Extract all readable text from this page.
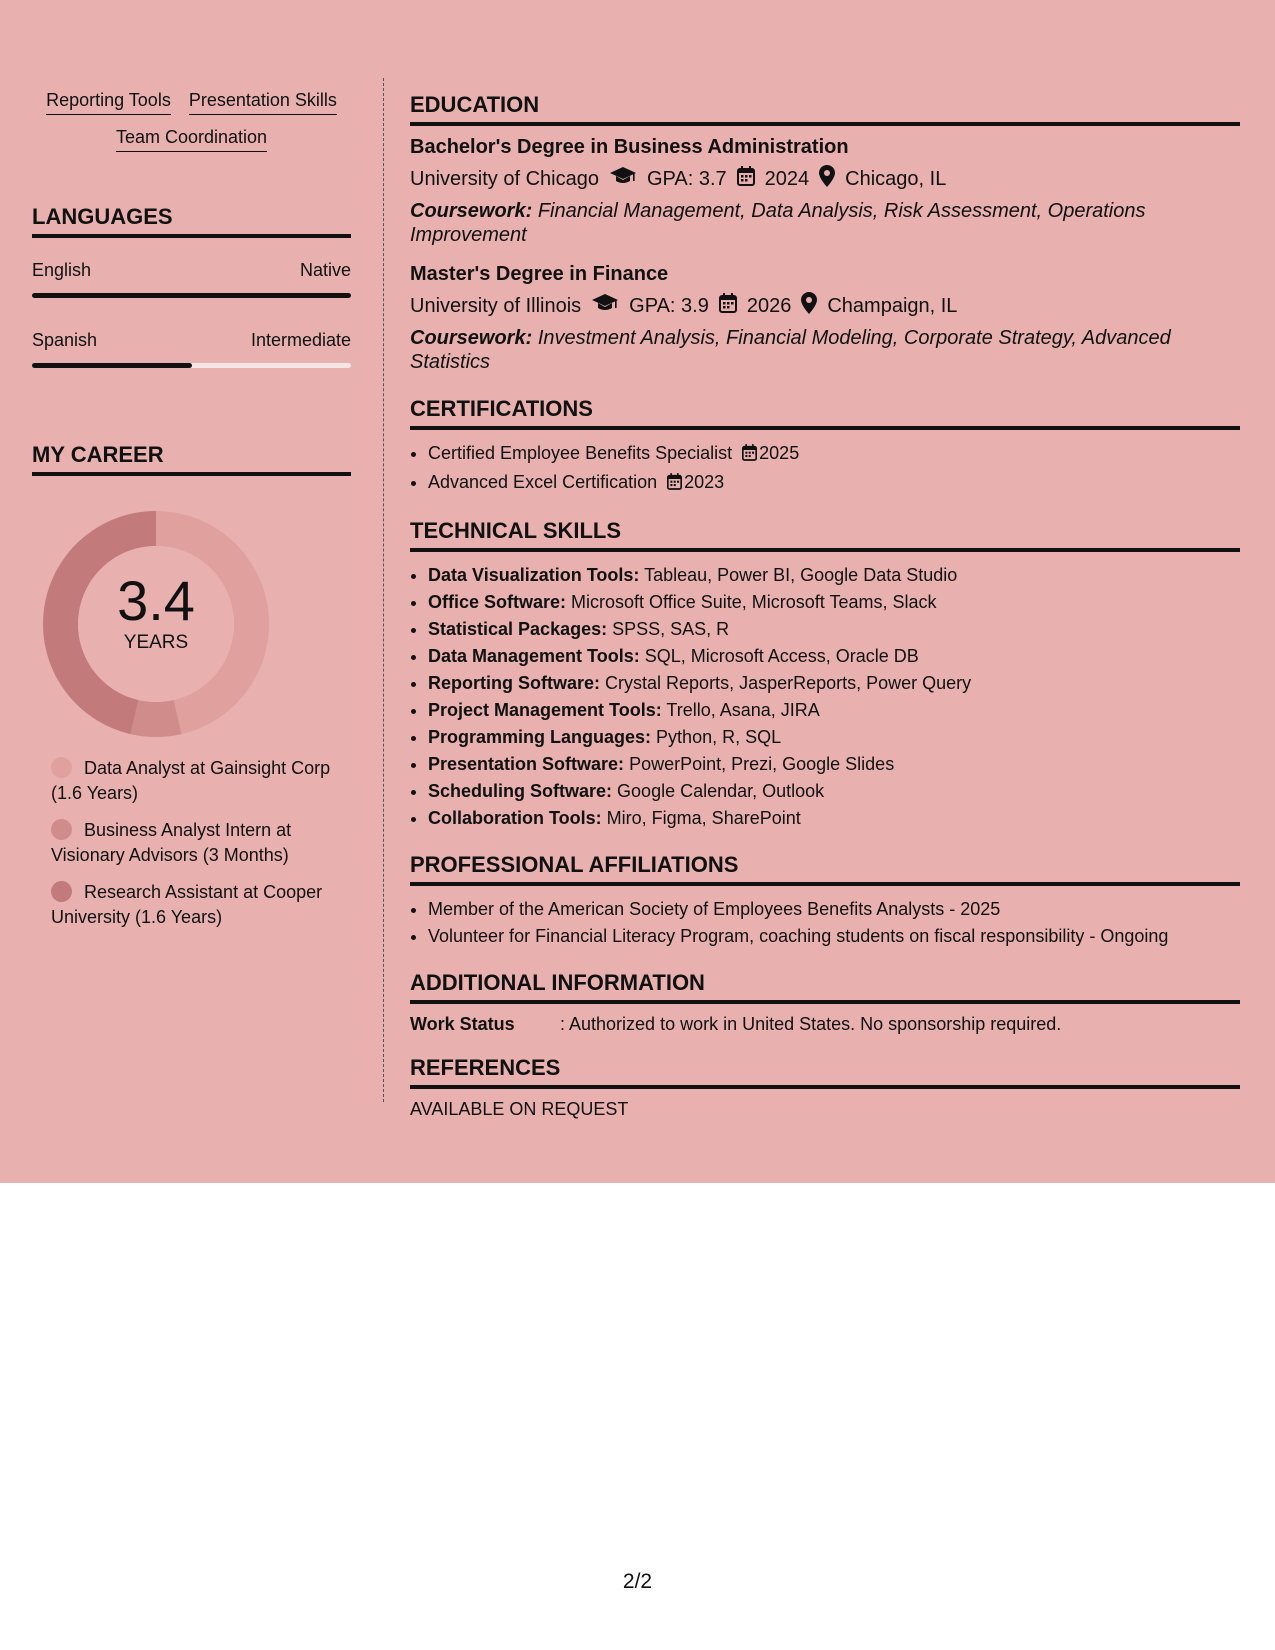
Reporting Tools Presentation Skills
Team Coordination
LANGUAGES
English	Native
Spanish	Intermediate
MY CAREER
3.4
YEARS
Data Analyst at Gainsight Corp (1.6 Years)
Business Analyst Intern at Visionary Advisors (3 Months)
Research Assistant at Cooper University (1.6 Years)
EDUCATION
Bachelor's Degree in Business Administration
University of Chicago GPA: 3.7 2024 Chicago, IL
Coursework: Financial Management, Data Analysis, Risk Assessment, Operations Improvement
Master's Degree in Finance
University of Illinois GPA: 3.9 2026 Champaign, IL
Coursework: Investment Analysis, Financial Modeling, Corporate Strategy, Advanced Statistics
CERTIFICATIONS
• Certified Employee Benefits Specialist 2025
• Advanced Excel Certification 2023
TECHNICAL SKILLS
• Data Visualization Tools: Tableau, Power BI, Google Data Studio
• Office Software: Microsoft Office Suite, Microsoft Teams, Slack
• Statistical Packages: SPSS, SAS, R
• Data Management Tools: SQL, Microsoft Access, Oracle DB
• Reporting Software: Crystal Reports, JasperReports, Power Query
• Project Management Tools: Trello, Asana, JIRA
• Programming Languages: Python, R, SQL
• Presentation Software: PowerPoint, Prezi, Google Slides
• Scheduling Software: Google Calendar, Outlook
• Collaboration Tools: Miro, Figma, SharePoint
PROFESSIONAL AFFILIATIONS
• Member of the American Society of Employees Benefits Analysts - 2025
• Volunteer for Financial Literacy Program, coaching students on fiscal responsibility - Ongoing
ADDITIONAL INFORMATION
Work Status	: Authorized to work in United States. No sponsorship required.
REFERENCES
AVAILABLE ON REQUEST
2/2
